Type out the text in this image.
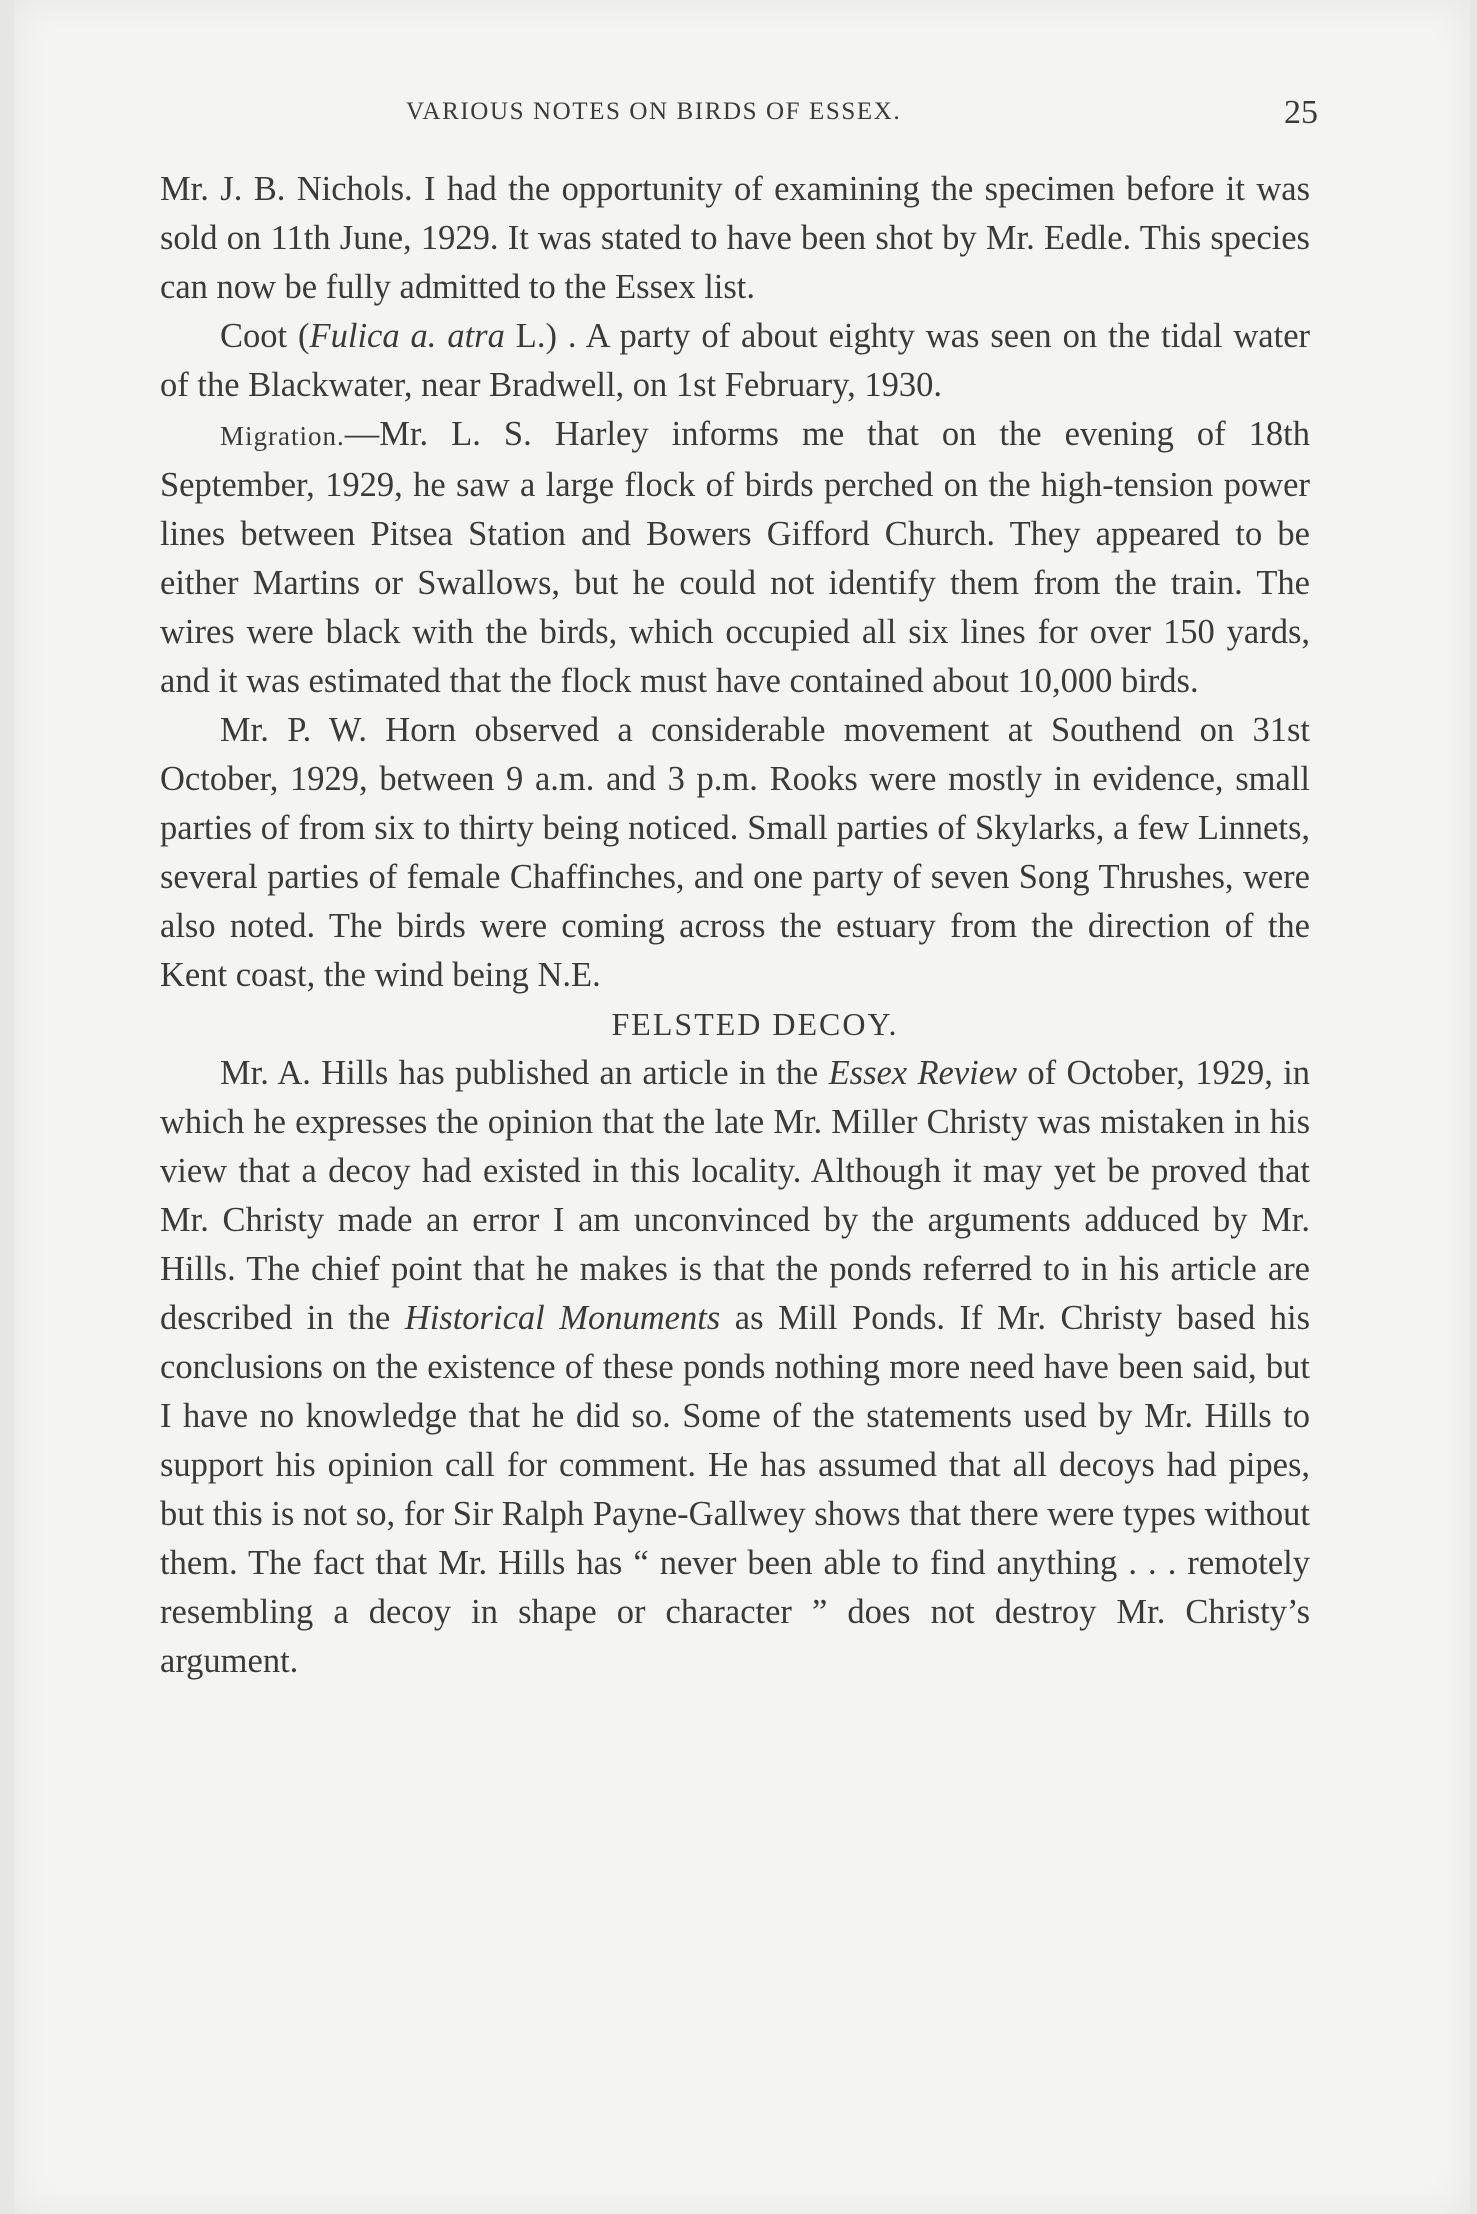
VARIOUS NOTES ON BIRDS OF ESSEX.	25

Mr. J. B. Nichols. I had the opportunity of examining the specimen before it was sold on 11th June, 1929. It was stated to have been shot by Mr. Eedle. This species can now be fully admitted to the Essex list.

Coot (Fulica a. atra L.) . A party of about eighty was seen on the tidal water of the Blackwater, near Bradwell, on 1st February, 1930.

Migration.—Mr. L. S. Harley informs me that on the evening of 18th September, 1929, he saw a large flock of birds perched on the high-tension power lines between Pitsea Station and Bowers Gifford Church. They appeared to be either Martins or Swallows, but he could not identify them from the train. The wires were black with the birds, which occupied all six lines for over 150 yards, and it was estimated that the flock must have contained about 10,000 birds.

Mr. P. W. Horn observed a considerable movement at Southend on 31st October, 1929, between 9 a.m. and 3 p.m. Rooks were mostly in evidence, small parties of from six to thirty being noticed. Small parties of Skylarks, a few Linnets, several parties of female Chaffinches, and one party of seven Song Thrushes, were also noted. The birds were coming across the estuary from the direction of the Kent coast, the wind being N.E.

FELSTED DECOY.

Mr. A. Hills has published an article in the Essex Review of October, 1929, in which he expresses the opinion that the late Mr. Miller Christy was mistaken in his view that a decoy had existed in this locality. Although it may yet be proved that Mr. Christy made an error I am unconvinced by the arguments adduced by Mr. Hills. The chief point that he makes is that the ponds referred to in his article are described in the Historical Monuments as Mill Ponds. If Mr. Christy based his conclusions on the existence of these ponds nothing more need have been said, but I have no knowledge that he did so. Some of the statements used by Mr. Hills to support his opinion call for comment. He has assumed that all decoys had pipes, but this is not so, for Sir Ralph Payne-Gallwey shows that there were types without them. The fact that Mr. Hills has “ never been able to find anything . . . remotely resembling a decoy in shape or character ” does not destroy Mr. Christy’s argument.
